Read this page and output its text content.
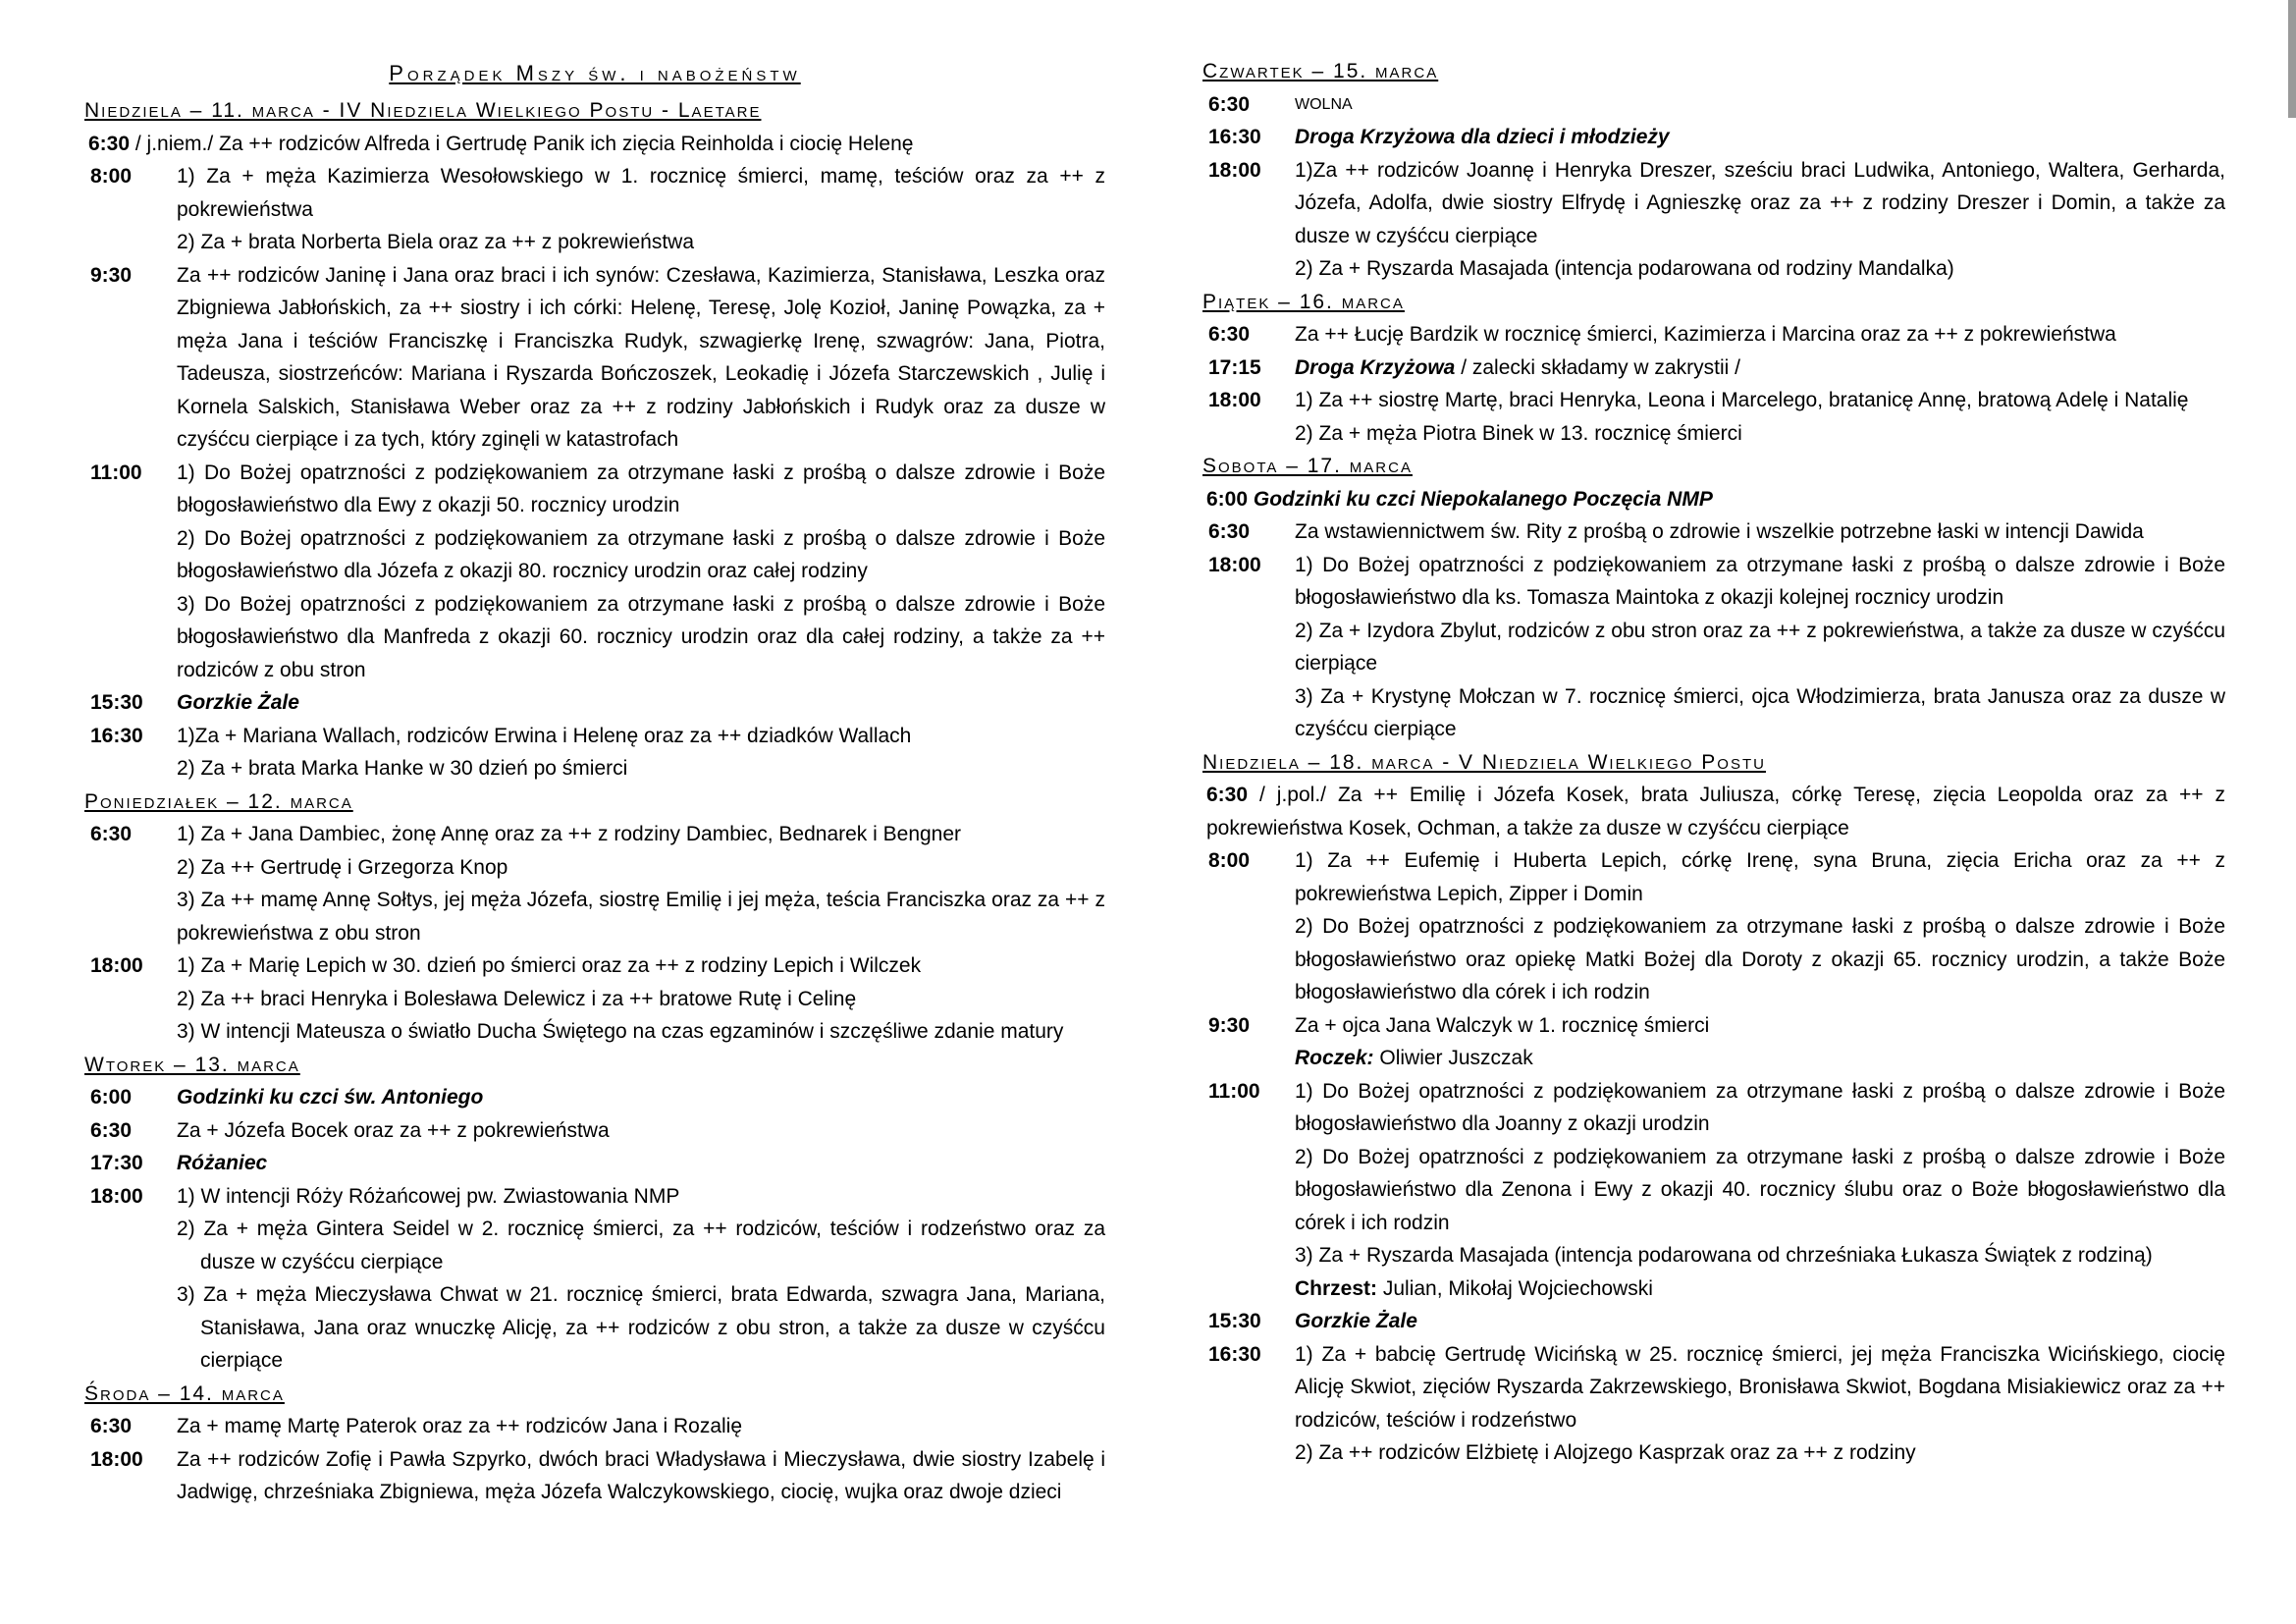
Porządek Mszy św. i nabożeństw
Niedziela – 11. marca - IV Niedziela Wielkiego Postu - Laetare
6:30 / j.niem./ Za ++ rodziców Alfreda i Gertrudę Panik ich zięcia Reinholda i ciocię Helenę
8:00	1) Za + męża Kazimierza Wesołowskiego w 1. rocznicę śmierci, mamę, teściów oraz za ++ z pokrewieństwa

2) Za + brata Norberta Biela oraz za ++ z pokrewieństwa

9:30	Za ++ rodziców Janinę i Jana oraz braci i ich synów: Czesława, Kazimierza, Stanisława, Leszka oraz Zbigniewa Jabłońskich, za ++ siostry i ich córki: Helenę, Teresę, Jolę Kozioł, Janinę Powązka, za + męża Jana i teściów Franciszkę i Franciszka Rudyk, szwagierkę Irenę, szwagrów: Jana, Piotra, Tadeusza, siostrzeńców: Mariana i Ryszarda Bończoszek, Leokadię i Józefa Starczewskich , Julię i Kornela Salskich, Stanisława Weber oraz za ++ z rodziny Jabłońskich i Rudyk oraz za dusze w czyśćcu cierpiące i za tych, który zginęli w katastrofach

11:00	1) Do Bożej opatrzności z podziękowaniem za otrzymane łaski z prośbą o dalsze zdrowie i Boże błogosławieństwo dla Ewy z okazji 50. rocznicy urodzin

2) Do Bożej opatrzności z podziękowaniem za otrzymane łaski z prośbą o dalsze zdrowie i Boże błogosławieństwo dla Józefa z okazji 80. rocznicy urodzin oraz całej rodziny

3) Do Bożej opatrzności z podziękowaniem za otrzymane łaski z prośbą o dalsze zdrowie i Boże błogosławieństwo dla Manfreda z okazji 60. rocznicy urodzin oraz dla całej rodziny, a także za ++ rodziców z obu stron

15:30	Gorzkie Żale

16:30	1)Za + Mariana Wallach, rodziców Erwina i Helenę oraz za ++ dziadków Wallach

2) Za + brata Marka Hanke w 30 dzień po śmierci

Poniedziałek – 12. marca
6:30	1) Za + Jana Dambiec, żonę Annę oraz za ++ z rodziny Dambiec, Bednarek i Bengner

2) Za ++ Gertrudę i Grzegorza Knop

3) Za ++ mamę Annę Sołtys, jej męża Józefa, siostrę Emilię i jej męża, teścia Franciszka oraz za ++ z pokrewieństwa z obu stron

18:00	1) Za + Marię Lepich w 30. dzień po śmierci oraz za ++ z rodziny Lepich i Wilczek

2) Za ++ braci Henryka i Bolesława Delewicz i za ++ bratowe Rutę i Celinę

3) W intencji Mateusza o światło Ducha Świętego na czas egzaminów i szczęśliwe zdanie matury

Wtorek – 13. marca
6:00	Godzinki ku czci św. Antoniego

6:30	Za + Józefa Bocek oraz za ++ z pokrewieństwa

17:30	Różaniec

18:00	1) W intencji Róży Różańcowej pw. Zwiastowania NMP

2) Za + męża Gintera Seidel w 2. rocznicę śmierci, za ++ rodziców, teściów i rodzeństwo oraz za dusze w czyśćcu cierpiące

3) Za + męża Mieczysława Chwat w 21. rocznicę śmierci, brata Edwarda, szwagra Jana, Mariana, Stanisława, Jana oraz wnuczkę Alicję, za ++ rodziców z obu stron, a także za dusze w czyśćcu cierpiące

Środa – 14. marca
6:30	Za + mamę Martę Paterok oraz za ++ rodziców Jana i Rozalię

18:00	Za ++ rodziców Zofię i Pawła Szpyrko, dwóch braci Władysława i Mieczysława, dwie siostry Izabelę i Jadwigę, chrześniaka Zbigniewa, męża Józefa Walczykowskiego, ciocię, wujka oraz dwoje dzieci

Czwartek – 15. marca
6:30	WOLNA

16:30	Droga Krzyżowa dla dzieci i młodzieży

18:00	1)Za ++ rodziców Joannę i Henryka Dreszer, sześciu braci Ludwika, Antoniego, Waltera, Gerharda, Józefa, Adolfa, dwie siostry Elfrydę i Agnieszkę oraz za ++ z rodziny Dreszer i Domin, a także za dusze w czyśćcu cierpiące

2) Za + Ryszarda Masajada (intencja podarowana od rodziny Mandalka)

Piątek – 16. marca
6:30	Za ++ Łucję Bardzik w rocznicę śmierci, Kazimierza i Marcina oraz za ++ z pokrewieństwa

17:15	Droga Krzyżowa / zalecki składamy w zakrystii /

18:00	1) Za ++ siostrę Martę, braci Henryka, Leona i Marcelego, bratanicę Annę, bratową Adelę i Natalię

2) Za + męża Piotra Binek w 13. rocznicę śmierci

Sobota – 17. marca
6:00 Godzinki ku czci Niepokalanego Poczęcia NMP
6:30	Za wstawiennictwem św. Rity z prośbą o zdrowie i wszelkie potrzebne łaski w intencji Dawida

18:00	1) Do Bożej opatrzności z podziękowaniem za otrzymane łaski z prośbą o dalsze zdrowie i Boże błogosławieństwo dla ks. Tomasza Maintoka z okazji kolejnej rocznicy urodzin

2) Za + Izydora Zbylut, rodziców z obu stron oraz za ++ z pokrewieństwa, a także za dusze w czyśćcu cierpiące

3) Za + Krystynę Mołczan w 7. rocznicę śmierci, ojca Włodzimierza, brata Janusza oraz za dusze w czyśćcu cierpiące

Niedziela – 18. marca - V Niedziela Wielkiego Postu
6:30 / j.pol./ Za ++ Emilię i Józefa Kosek, brata Juliusza, córkę Teresę, zięcia Leopolda oraz za ++ z pokrewieństwa Kosek, Ochman, a także za dusze w czyśćcu cierpiące
8:00	1) Za ++ Eufemię i Huberta Lepich, córkę Irenę, syna Bruna, zięcia Ericha oraz za ++ z pokrewieństwa Lepich, Zipper i Domin

2) Do Bożej opatrzności z podziękowaniem za otrzymane łaski z prośbą o dalsze zdrowie i Boże błogosławieństwo oraz opiekę Matki Bożej dla Doroty z okazji 65. rocznicy urodzin, a także Boże błogosławieństwo dla córek i ich rodzin

9:30	Za + ojca Jana Walczyk w 1. rocznicę śmierci

Roczek: Oliwier Juszczak

11:00	1) Do Bożej opatrzności z podziękowaniem za otrzymane łaski z prośbą o dalsze zdrowie i Boże błogosławieństwo dla Joanny z okazji urodzin

2) Do Bożej opatrzności z podziękowaniem za otrzymane łaski z prośbą o dalsze zdrowie i Boże błogosławieństwo dla Zenona i Ewy z okazji 40. rocznicy ślubu oraz o Boże błogosławieństwo dla córek i ich rodzin

3) Za + Ryszarda Masajada (intencja podarowana od chrześniaka Łukasza Świątek z rodziną)

Chrzest: Julian, Mikołaj Wojciechowski

15:30	Gorzkie Żale

16:30	1) Za + babcię Gertrudę Wicińską w 25. rocznicę śmierci, jej męża Franciszka Wicińskiego, ciocię Alicję Skwiot, zięciów Ryszarda Zakrzewskiego, Bronisława Skwiot, Bogdana Misiakiewicz oraz za ++ rodziców, teściów i rodzeństwo

2) Za ++ rodziców Elżbietę i Alojzego Kasprzak oraz za ++ z rodziny
